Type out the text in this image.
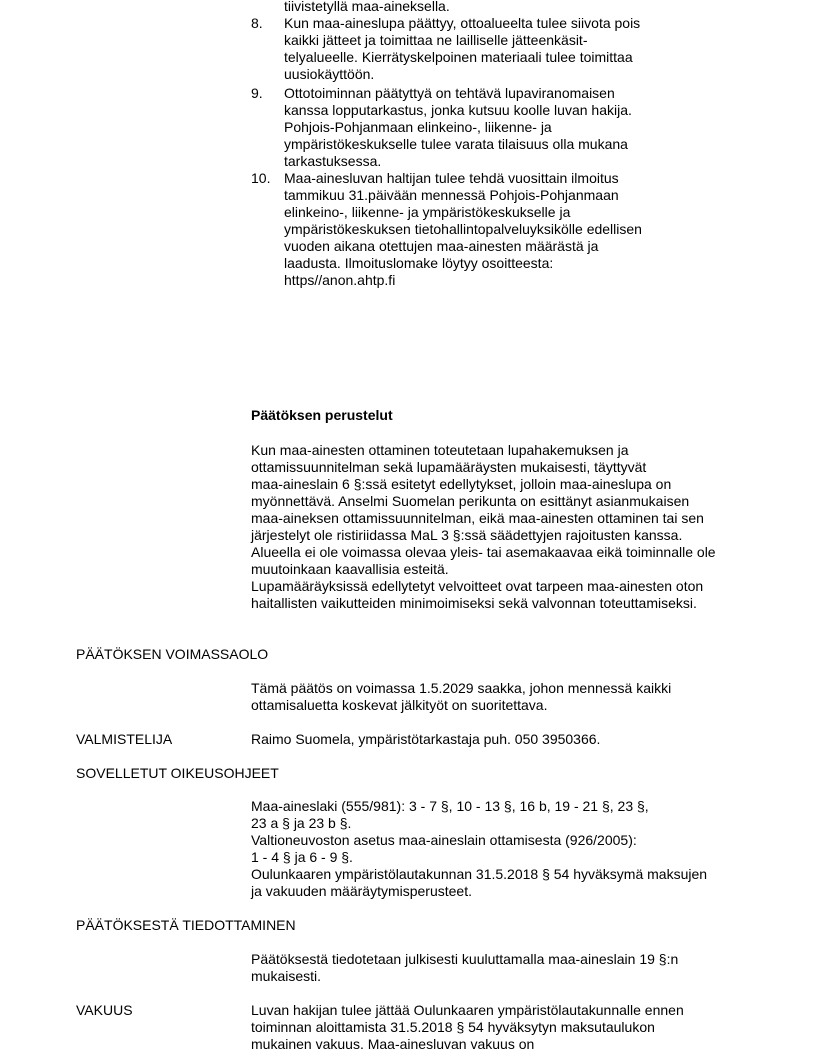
tiivistetyllä maa-aineksella.
8. Kun maa-aineslupa päättyy, ottoalueelta tulee siivota pois
kaikki jätteet ja toimittaa ne lailliselle jätteenkäsit-
telyalueelle. Kierrätyskelpoinen materiaali tulee toimittaa
uusiokäyttöön.
9. Ottotoiminnan päätyttyä on tehtävä lupaviranomaisen
kanssa lopputarkastus, jonka kutsuu koolle luvan hakija.
Pohjois-Pohjanmaan elinkeino-, liikenne- ja
ympäristökeskukselle tulee varata tilaisuus olla mukana
tarkastuksessa.
10. Maa-ainesluvan haltijan tulee tehdä vuosittain ilmoitus
tammikuu 31.päivään mennessä Pohjois-Pohjanmaan
elinkeino-, liikenne- ja ympäristökeskukselle ja
ympäristökeskuksen tietohallintopalveluyksikölle edellisen
vuoden aikana otettujen maa-ainesten määrästä ja
laadusta. Ilmoituslomake löytyy osoitteesta:
https//anon.ahtp.fi
Päätöksen perustelut
Kun maa-ainesten ottaminen toteutetaan lupahakemuksen ja
ottamissuunnitelman sekä lupamääräysten mukaisesti, täyttyvät
maa-aineslain 6 §:ssä esitetyt edellytykset, jolloin maa-aineslupa on
myönnettävä. Anselmi Suomelan perikunta on esittänyt asianmukaisen
maa-aineksen ottamissuunnitelman, eikä maa-ainesten ottaminen tai sen
järjestelyt ole ristiriidassa MaL 3 §:ssä säädettyjen rajoitusten kanssa.
Alueella ei ole voimassa olevaa yleis- tai asemakaavaa eikä toiminnalle ole
muutoinkaan kaavallisia esteitä.
Lupamääräyksissä edellytetyt velvoitteet ovat tarpeen maa-ainesten oton
haitallisten vaikutteiden minimoimiseksi sekä valvonnan toteuttamiseksi.
PÄÄTÖKSEN VOIMASSAOLO
Tämä päätös on voimassa 1.5.2029 saakka, johon mennessä kaikki
ottamisaluetta koskevat jälkityöt on suoritettava.
VALMISTELIJA	Raimo Suomela, ympäristötarkastaja puh. 050 3950366.
SOVELLETUT OIKEUSOHJEET
Maa-aineslaki (555/981): 3 - 7 §, 10 - 13 §, 16 b, 19 - 21 §, 23 §,
23 a § ja 23 b §.
Valtioneuvoston asetus maa-aineslain ottamisesta (926/2005):
1 - 4 § ja 6 - 9 §.
Oulunkaaren ympäristölautakunnan 31.5.2018 § 54 hyväksymä maksujen
ja vakuuden määräytymisperusteet.
PÄÄTÖKSESTÄ TIEDOTTAMINEN
Päätöksestä tiedotetaan julkisesti kuuluttamalla maa-aineslain 19 §:n
mukaisesti.
VAKUUS	Luvan hakijan tulee jättää Oulunkaaren ympäristölautakunnalle ennen
toiminnan aloittamista 31.5.2018 § 54 hyväksytyn maksutaulukon
mukainen vakuus. Maa-ainesluvan vakuus on
